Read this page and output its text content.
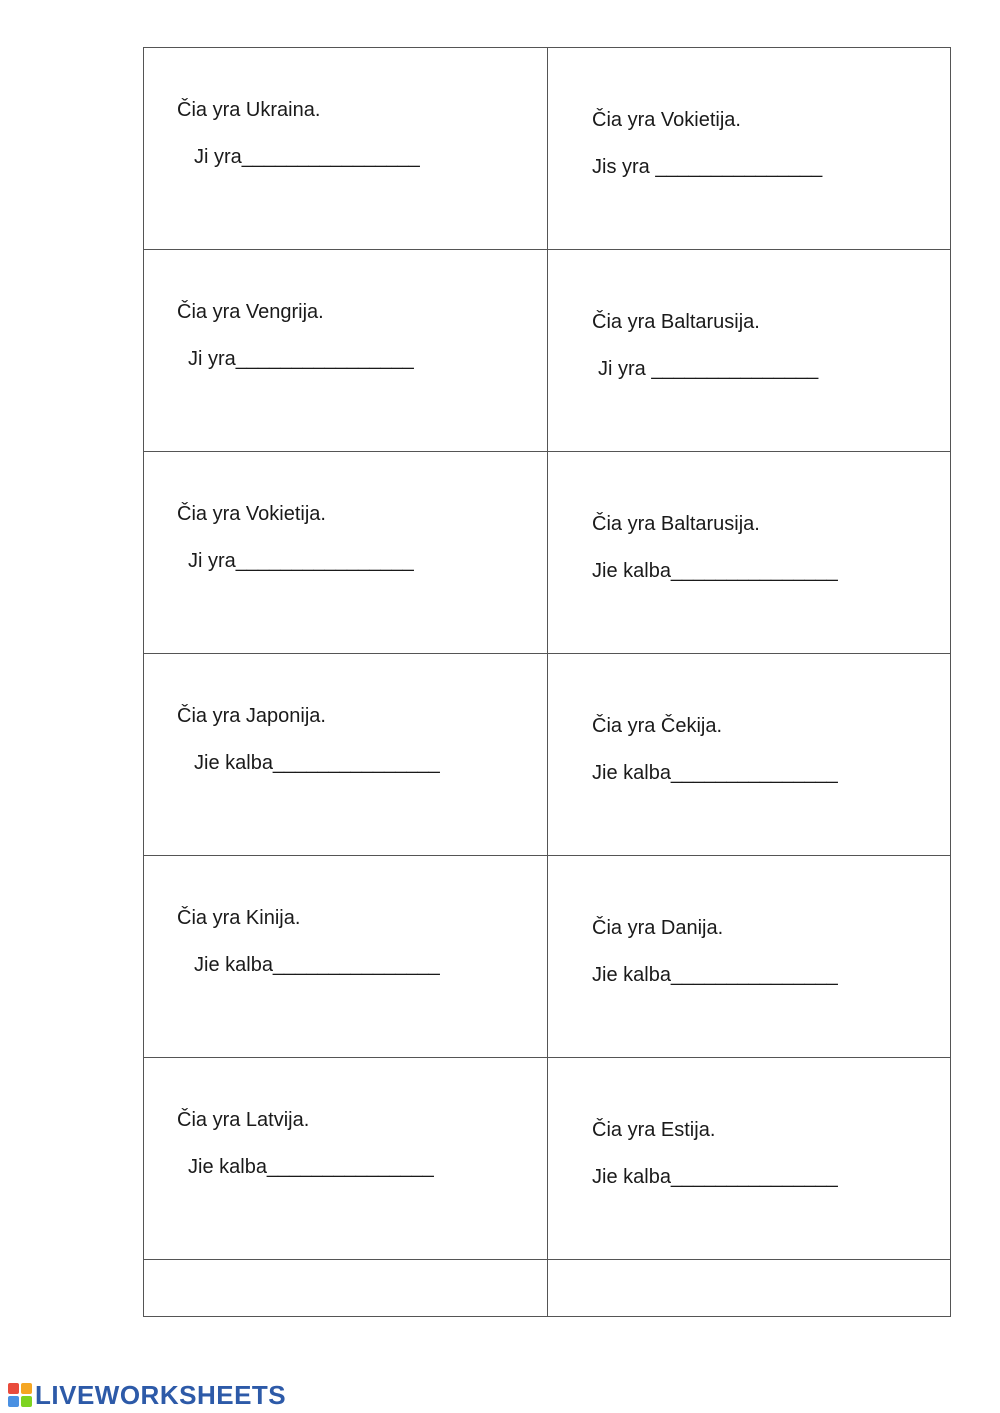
Čia yra Ukraina.
Ji yra________________
Čia yra Vokietija.
Jis yra _______________
Čia yra Vengrija.
Ji yra________________
Čia yra Baltarusija.
Ji yra _______________
Čia yra Vokietija.
Ji yra________________
Čia yra Baltarusija.
Jie kalba_______________
Čia yra Japonija.
Jie kalba_______________
Čia yra Čekija.
Jie kalba_______________
Čia yra Kinija.
Jie kalba_______________
Čia yra Danija.
Jie kalba_______________
Čia yra Latvija.
Jie kalba_______________
Čia yra Estija.
Jie kalba_______________
LIVEWORKSHEETS
